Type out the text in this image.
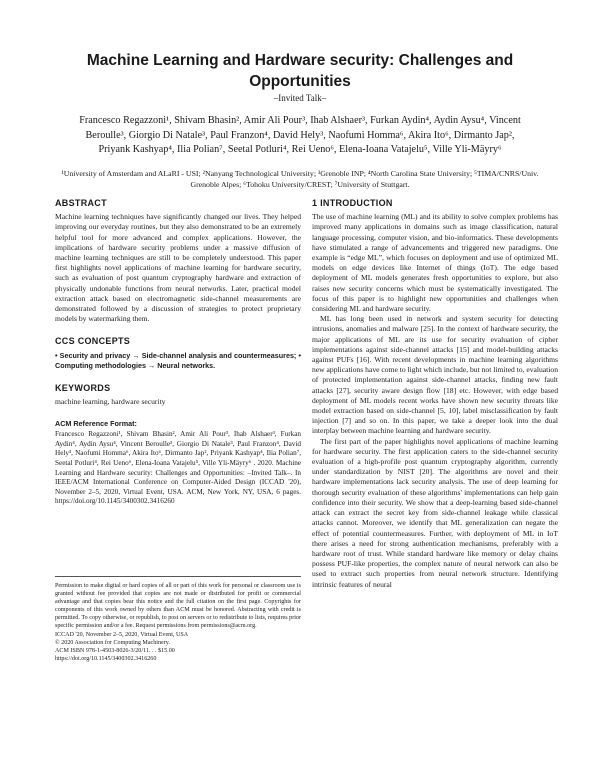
Machine Learning and Hardware security: Challenges and Opportunities

–Invited Talk–

Francesco Regazzoni¹, Shivam Bhasin², Amir Ali Pour³, Ihab Alshaer³, Furkan Aydin⁴, Aydin Aysu⁴, Vincent Beroulle³, Giorgio Di Natale³, Paul Franzon⁴, David Hely³, Naofumi Homma⁶, Akira Ito⁶, Dirmanto Jap², Priyank Kashyap⁴, Ilia Polian⁷, Seetal Potluri⁴, Rei Ueno⁶, Elena-Ioana Vatajelu⁵, Ville Yli-Mäyry⁶

¹University of Amsterdam and ALaRI - USI; ²Nanyang Technological University; ³Grenoble INP; ⁴North Carolina State University; ⁵TIMA/CNRS/Univ. Grenoble Alpes; ⁶Tohoku University/CREST; ⁷University of Stuttgart.

ABSTRACT

Machine learning techniques have significantly changed our lives. They helped improving our everyday routines, but they also demonstrated to be an extremely helpful tool for more advanced and complex applications. However, the implications of hardware security problems under a massive diffusion of machine learning techniques are still to be completely understood. This paper first highlights novel applications of machine learning for hardware security, such as evaluation of post quantum cryptography hardware and extraction of physically undonable functions from neural networks. Later, practical model extraction attack based on electromagnetic side-channel measurements are demonstrated followed by a discussion of strategies to protect proprietary models by watermarking them.

CCS CONCEPTS

• Security and privacy → Side-channel analysis and countermeasures; • Computing methodologies → Neural networks.

KEYWORDS

machine learning, hardware security

ACM Reference Format:

Francesco Regazzoni¹, Shivam Bhasin², Amir Ali Pour³, Ihab Alshaer³, Furkan Aydin⁴, Aydin Aysu⁴, Vincent Beroulle³, Giorgio Di Natale³, Paul Franzon⁴, David Hely³, Naofumi Homma⁶, Akira Ito⁶, Dirmanto Jap², Priyank Kashyap⁴, Ilia Polian⁷, Seetal Potluri⁴, Rei Ueno⁶, Elena-Ioana Vatajelu⁵, Ville Yli-Mäyry⁶ . 2020. Machine Learning and Hardware security: Challenges and Opportunities: –Invited Talk–. In IEEE/ACM International Conference on Computer-Aided Design (ICCAD '20), November 2–5, 2020, Virtual Event, USA. ACM, New York, NY, USA, 6 pages. https://doi.org/10.1145/3400302.3416260

Permission to make digital or hard copies of all or part of this work for personal or classroom use is granted without fee provided that copies are not made or distributed for profit or commercial advantage and that copies bear this notice and the full citation on the first page. Copyrights for components of this work owned by others than ACM must be honored. Abstracting with credit is permitted. To copy otherwise, or republish, to post on servers or to redistribute to lists, requires prior specific permission and/or a fee. Request permissions from permissions@acm.org.
ICCAD '20, November 2–5, 2020, Virtual Event, USA
© 2020 Association for Computing Machinery.
ACM ISBN 978-1-4503-8026-3/20/11. . . $15.00
https://doi.org/10.1145/3400302.3416260
1 INTRODUCTION

The use of machine learning (ML) and its ability to solve complex problems has improved many applications in domains such as image classification, natural language processing, computer vision, and bio-informatics. These developments have stimulated a range of advancements and triggered new paradigms. One example is “edge ML”, which focuses on deployment and use of optimized ML models on edge devices like Internet of things (IoT). The edge based deployment of ML models generates fresh opportunities to explore, but also raises new security concerns which must be systematically investigated. The focus of this paper is to highlight new opportunities and challenges when considering ML and hardware security.

ML has long been used in network and system security for detecting intrusions, anomalies and malware [25]. In the context of hardware security, the major applications of ML are its use for security evaluation of cipher implementations against side-channel attacks [15] and model-building attacks against PUFs [16]. With recent developments in machine learning algorithms new applications have come to light which include, but not limited to, evaluation of protected implementation against side-channel attacks, finding new fault attacks [27], security aware design flow [18] etc. However, with edge based deployment of ML models recent works have shown new security threats like model extraction based on side-channel [5, 10], label misclassification by fault injection [7] and so on. In this paper, we take a deeper look into the dual interplay between machine learning and hardware security.

The first part of the paper highlights novel applications of machine learning for hardware security. The first application caters to the side-channel security evaluation of a high-profile post quantum cryptography algorithm, currently under standardization by NIST [20]. The algorithms are novel and their hardware implementations lack security analysis. The use of deep learning for thorough security evaluation of these algorithms' implementations can help gain confidence into their security. We show that a deep-learning based side-channel attack can extract the secret key from side-channel leakage while classical attacks cannot. Moreover, we identify that ML generalization can negate the effect of potential countermeasures. Further, with deployment of ML in IoT there arises a need for strong authentication mechanisms, preferably with a hardware root of trust. While standard hardware like memory or delay chains possess PUF-like properties, the complex nature of neural network can also be used to extract such properties from neural network structure. Identifying intrinsic features of neural
